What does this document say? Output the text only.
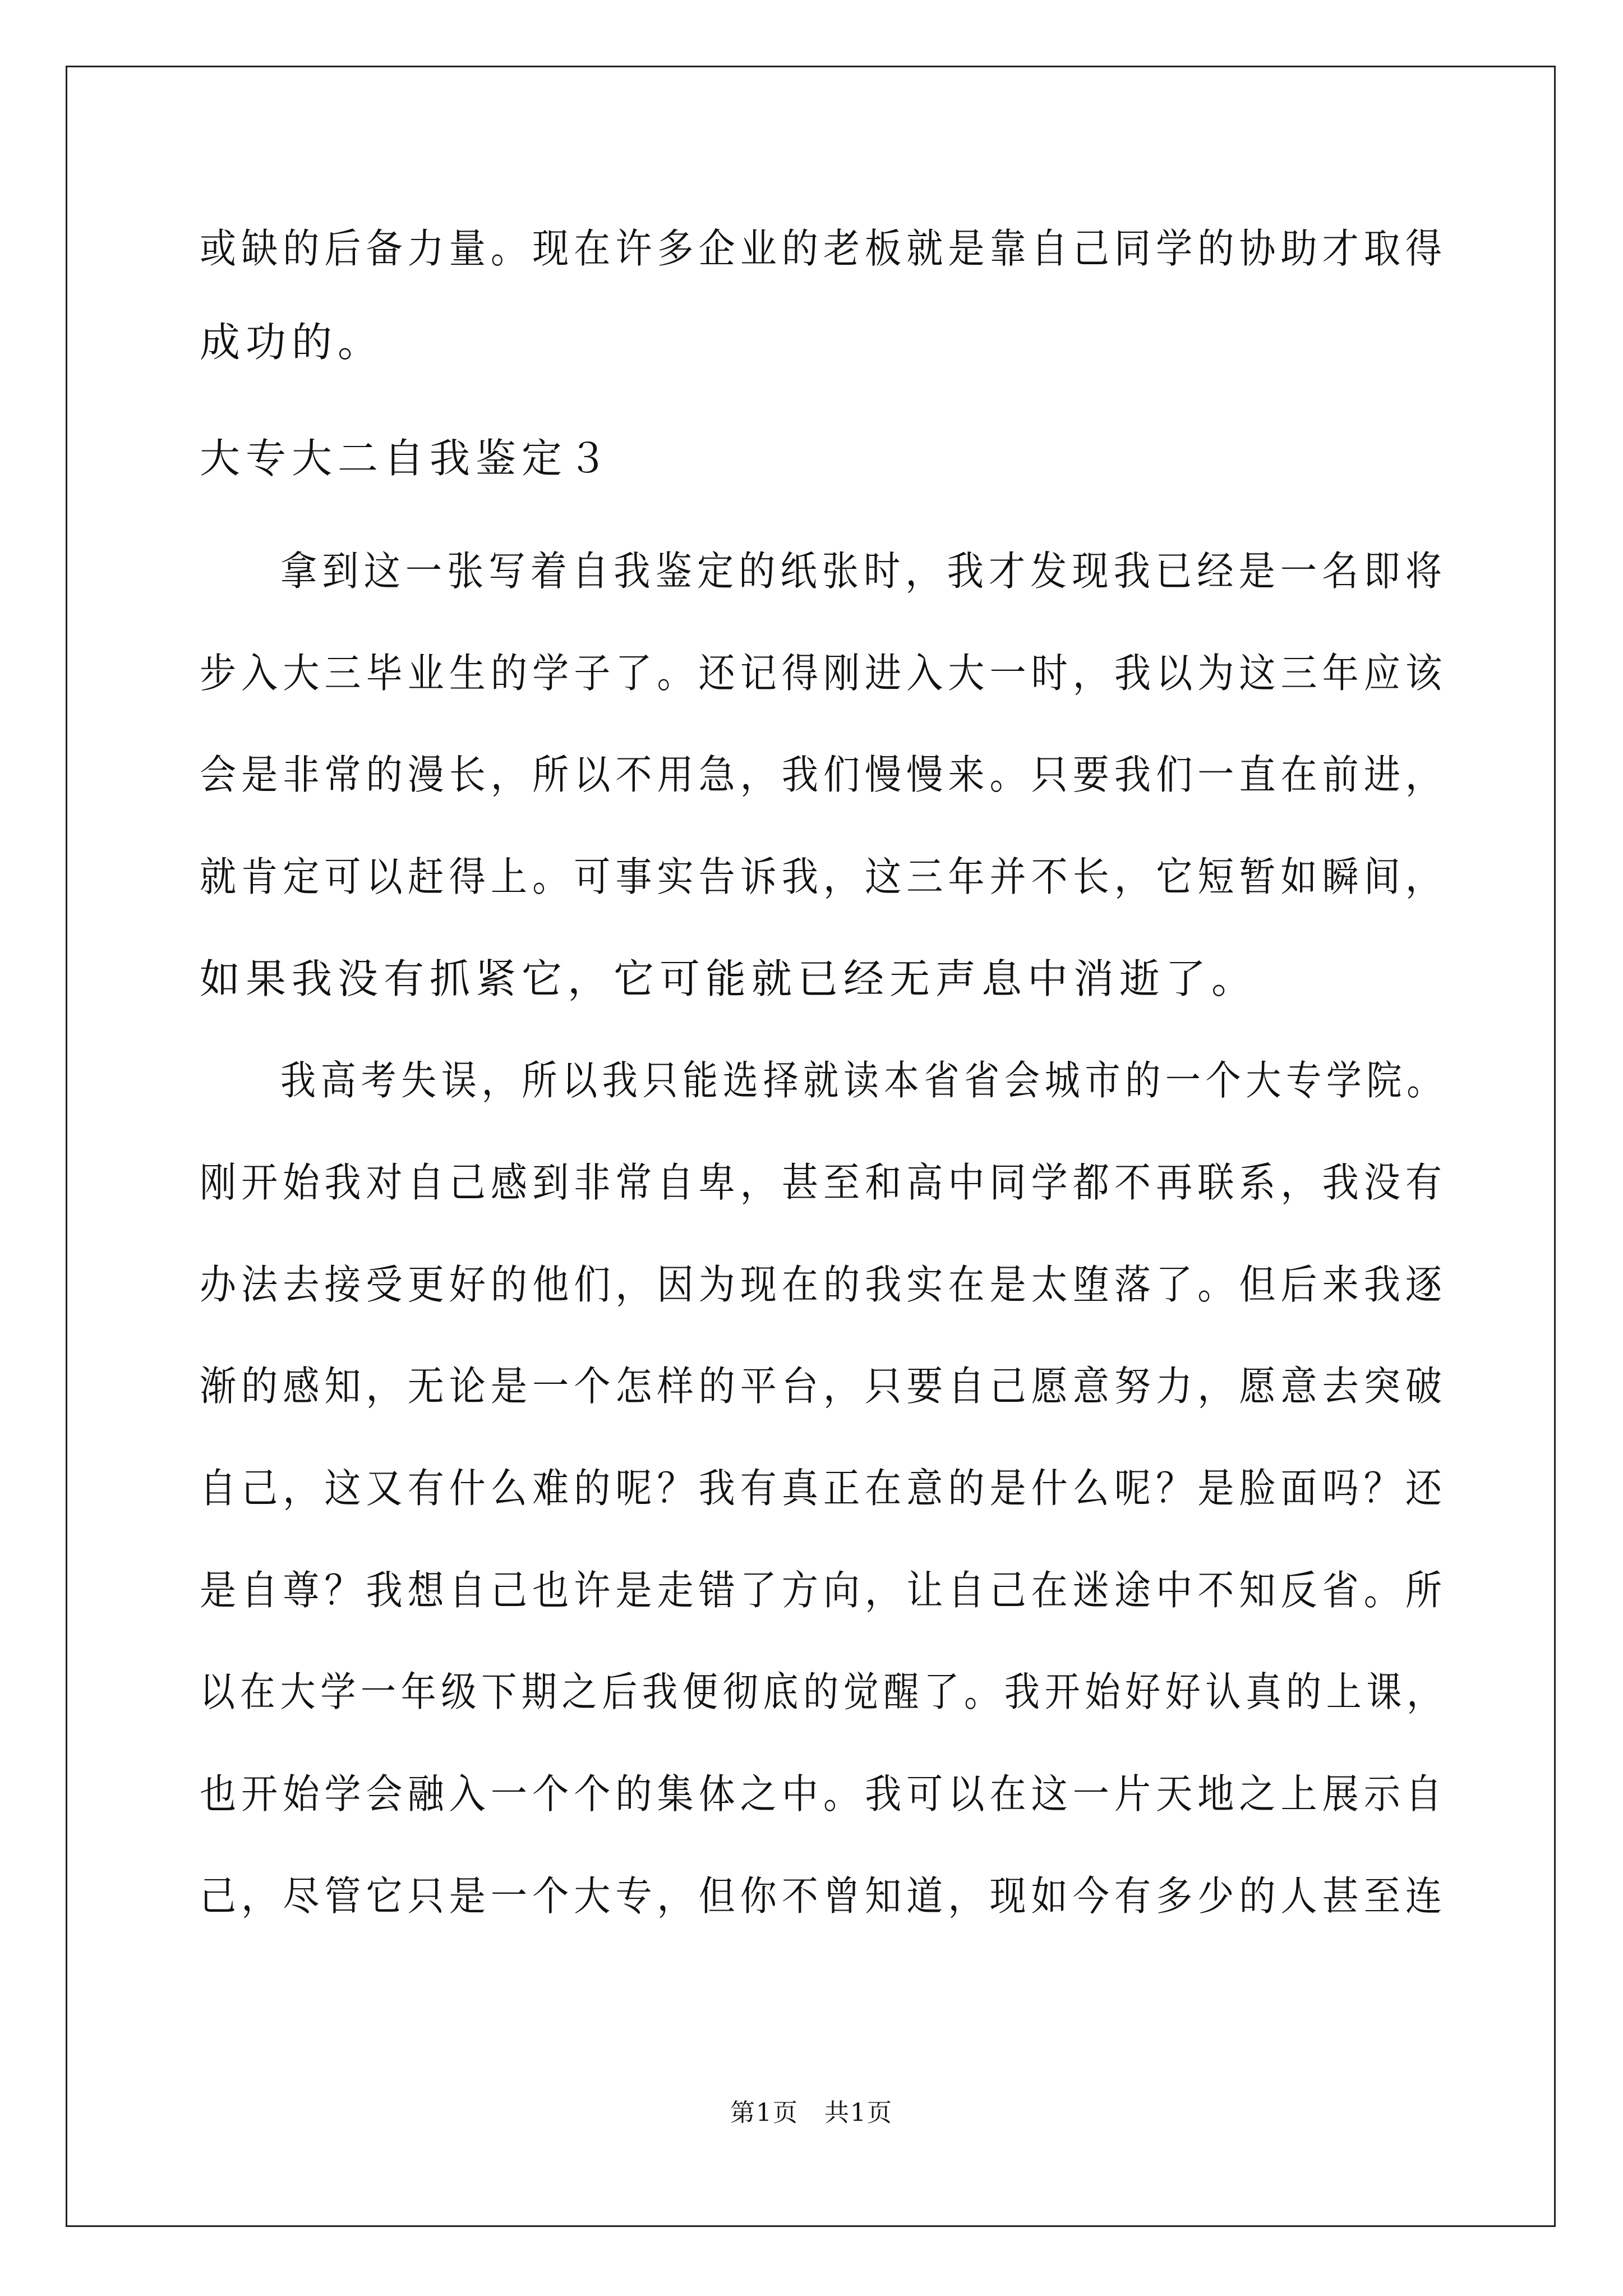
或缺的后备力量。现在许多企业的老板就是靠自己同学的协助才取得
成功的。
大专大二自我鉴定３
拿到这一张写着自我鉴定的纸张时，我才发现我已经是一名即将
步入大三毕业生的学子了。还记得刚进入大一时，我以为这三年应该
会是非常的漫长，所以不用急，我们慢慢来。只要我们一直在前进，
就肯定可以赶得上。可事实告诉我，这三年并不长，它短暂如瞬间，
如果我没有抓紧它，它可能就已经无声息中消逝了。
我高考失误，所以我只能选择就读本省省会城市的一个大专学院。
刚开始我对自己感到非常自卑，甚至和高中同学都不再联系，我没有
办法去接受更好的他们，因为现在的我实在是太堕落了。但后来我逐
渐的感知，无论是一个怎样的平台，只要自己愿意努力，愿意去突破
自己，这又有什么难的呢？我有真正在意的是什么呢？是脸面吗？还
是自尊？我想自己也许是走错了方向，让自己在迷途中不知反省。所
以在大学一年级下期之后我便彻底的觉醒了。我开始好好认真的上课，
也开始学会融入一个个的集体之中。我可以在这一片天地之上展示自
己，尽管它只是一个大专，但你不曾知道，现如今有多少的人甚至连
第1页　共1页
